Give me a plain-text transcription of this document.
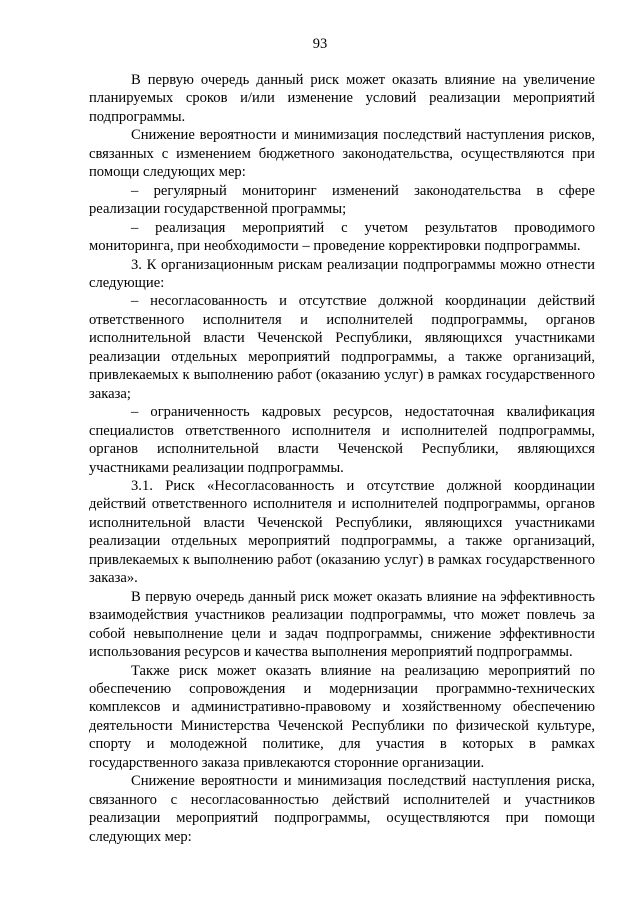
93

В первую очередь данный риск может оказать влияние на увеличение планируемых сроков и/или изменение условий реализации мероприятий подпрограммы.

Снижение вероятности и минимизация последствий наступления рисков, связанных с изменением бюджетного законодательства, осуществляются при помощи следующих мер:

– регулярный мониторинг изменений законодательства в сфере реализации государственной программы;

– реализация мероприятий с учетом результатов проводимого мониторинга, при необходимости – проведение корректировки подпрограммы.

3. К организационным рискам реализации подпрограммы можно отнести следующие:

– несогласованность и отсутствие должной координации действий ответственного исполнителя и исполнителей подпрограммы, органов исполнительной власти Чеченской Республики, являющихся участниками реализации отдельных мероприятий подпрограммы, а также организаций, привлекаемых к выполнению работ (оказанию услуг) в рамках государственного заказа;

– ограниченность кадровых ресурсов, недостаточная квалификация специалистов ответственного исполнителя и исполнителей подпрограммы, органов исполнительной власти Чеченской Республики, являющихся участниками реализации подпрограммы.

3.1. Риск «Несогласованность и отсутствие должной координации действий ответственного исполнителя и исполнителей подпрограммы, органов исполнительной власти Чеченской Республики, являющихся участниками реализации отдельных мероприятий подпрограммы, а также организаций, привлекаемых к выполнению работ (оказанию услуг) в рамках государственного заказа».

В первую очередь данный риск может оказать влияние на эффективность взаимодействия участников реализации подпрограммы, что может повлечь за собой невыполнение цели и задач подпрограммы, снижение эффективности использования ресурсов и качества выполнения мероприятий подпрограммы.

Также риск может оказать влияние на реализацию мероприятий по обеспечению сопровождения и модернизации программно-технических комплексов и административно-правовому и хозяйственному обеспечению деятельности Министерства Чеченской Республики по физической культуре, спорту и молодежной политике, для участия в которых в рамках государственного заказа привлекаются сторонние организации.

Снижение вероятности и минимизация последствий наступления риска, связанного с несогласованностью действий исполнителей и участников реализации мероприятий подпрограммы, осуществляются при помощи следующих мер:
